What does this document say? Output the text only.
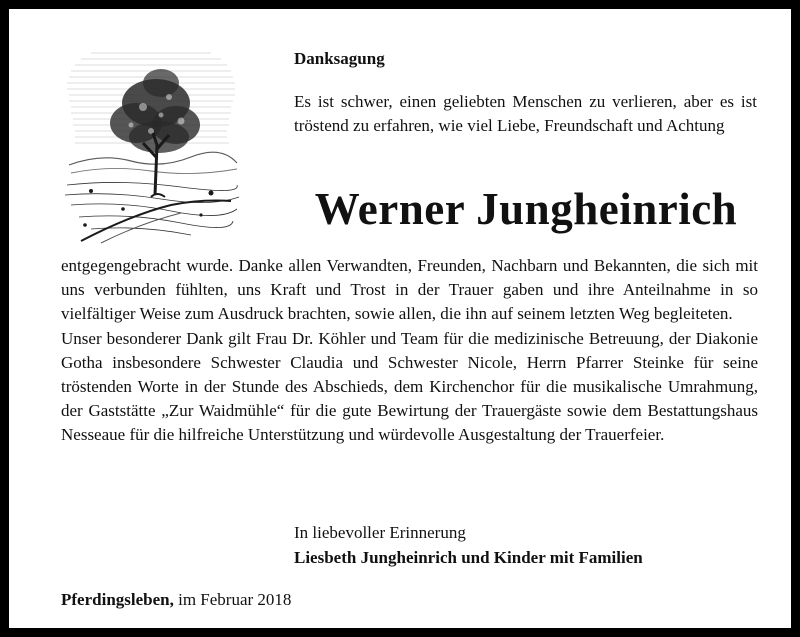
Danksagung

Es ist schwer, einen geliebten Menschen zu verlieren, aber es ist tröstend zu erfahren, wie viel Liebe, Freundschaft und Achtung

Werner Jungheinrich
entgegengebracht wurde. Danke allen Verwandten, Freunden, Nachbarn und Bekannten, die sich mit uns verbunden fühlten, uns Kraft und Trost in der Trauer gaben und ihre Anteilnahme in so vielfältiger Weise zum Ausdruck brachten, sowie allen, die ihn auf seinem letzten Weg begleiteten.
Unser besonderer Dank gilt Frau Dr. Köhler und Team für die medizinische Betreuung, der Diakonie Gotha insbesondere Schwester Claudia und Schwester Nicole, Herrn Pfarrer Steinke für seine tröstenden Worte in der Stunde des Abschieds, dem Kirchenchor für die musikalische Umrahmung, der Gaststätte „Zur Waidmühle“ für die gute Bewirtung der Trauergäste sowie dem Bestattungshaus Nesseaue für die hilfreiche Unterstützung und würdevolle Ausgestaltung der Trauerfeier.

In liebevoller Erinnerung

Liesbeth Jungheinrich und Kinder mit Familien

Pferdingsleben, im Februar 2018
